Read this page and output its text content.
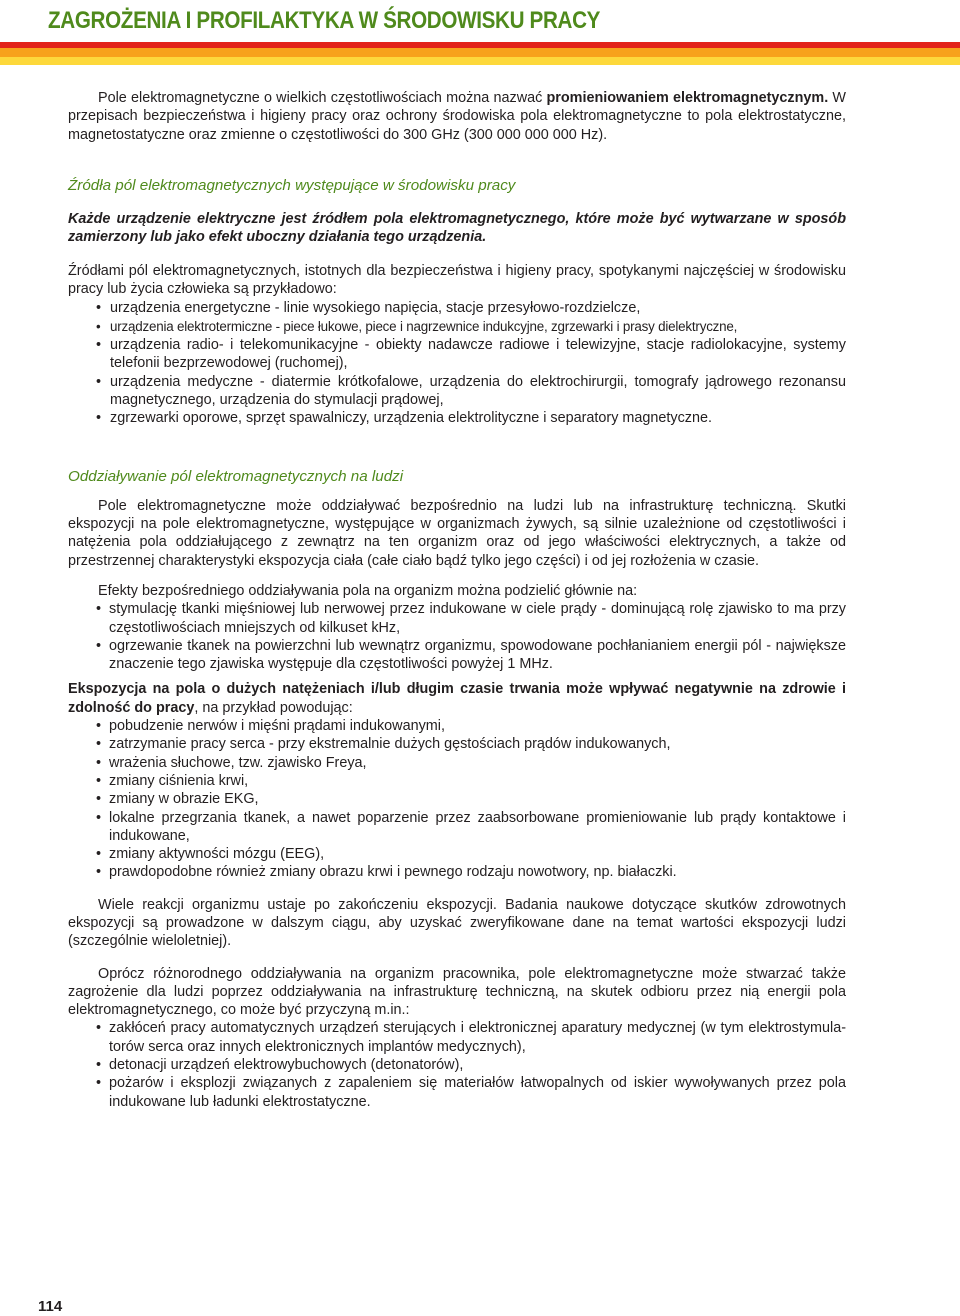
ZAGROŻENIA I PROFILAKTYKA W ŚRODOWISKU PRACY

Pole elektromagnetyczne o wielkich częstotliwościach można nazwać promieniowaniem elektromagnetycznym. W przepisach bezpieczeństwa i higieny pracy oraz ochrony środowiska pola elektromagnetyczne to pola elektrostatyczne, magnetostatyczne oraz zmienne o częstotliwości do 300 GHz (300 000 000 000 Hz).

Źródła pól elektromagnetycznych występujące w środowisku pracy

Każde urządzenie elektryczne jest źródłem pola elektromagnetycznego, które może być wytwarzane w sposób zamierzony lub jako efekt uboczny działania tego urządzenia.

Źródłami pól elektromagnetycznych, istotnych dla bezpieczeństwa i higieny pracy, spotykanymi najczęściej w środowisku pracy lub życia człowieka są przykładowo:

• urządzenia energetyczne - linie wysokiego napięcia, stacje przesyłowo-rozdzielcze,
• urządzenia elektrotermiczne - piece łukowe, piece i nagrzewnice indukcyjne, zgrzewarki i prasy dielektryczne,
• urządzenia radio- i telekomunikacyjne - obiekty nadawcze radiowe i telewizyjne, stacje radiolokacyjne, systemy telefonii bezprzewodowej (ruchomej),
• urządzenia medyczne - diatermie krótkofalowe, urządzenia do elektrochirurgii, tomografy jądrowego rezonansu magnetycznego, urządzenia do stymulacji prądowej,
• zgrzewarki oporowe, sprzęt spawalniczy, urządzenia elektrolityczne i separatory magnetyczne.

Oddziaływanie pól elektromagnetycznych na ludzi

Pole elektromagnetyczne może oddziaływać bezpośrednio na ludzi lub na infrastrukturę techniczną. Skutki ekspozycji na pole elektromagnetyczne, występujące w organizmach żywych, są silnie uzależnione od częstotliwości i natężenia pola oddziałującego z zewnątrz na ten organizm oraz od jego właściwości elektrycznych, a także od przestrzennej charakterystyki ekspozycja ciała (całe ciało bądź tylko jego części) i od jej rozłożenia w czasie.

Efekty bezpośredniego oddziaływania pola na organizm można podzielić głównie na:

• stymulację tkanki mięśniowej lub nerwowej przez indukowane w ciele prądy - dominującą rolę zjawisko to ma przy częstotliwościach mniejszych od kilkuset kHz,
• ogrzewanie tkanek na powierzchni lub wewnątrz organizmu, spowodowane pochłanianiem energii pól - największe znaczenie tego zjawiska występuje dla częstotliwości powyżej 1 MHz.

Ekspozycja na pola o dużych natężeniach i/lub długim czasie trwania może wpływać negatywnie na zdrowie i zdolność do pracy, na przykład powodując:

• pobudzenie nerwów i mięśni prądami indukowanymi,
• zatrzymanie pracy serca - przy ekstremalnie dużych gęstościach prądów indukowanych,
• wrażenia słuchowe, tzw. zjawisko Freya,
• zmiany ciśnienia krwi,
• zmiany w obrazie EKG,
• lokalne przegrzania tkanek, a nawet poparzenie przez zaabsorbowane promieniowanie lub prądy kontaktowe i indukowane,
• zmiany aktywności mózgu (EEG),
• prawdopodobne również zmiany obrazu krwi i pewnego rodzaju nowotwory, np. białaczki.

Wiele reakcji organizmu ustaje po zakończeniu ekspozycji. Badania naukowe dotyczące skutków zdrowotnych ekspozycji są prowadzone w dalszym ciągu, aby uzyskać zweryfikowane dane na temat wartości ekspozycji ludzi (szczególnie wieloletniej).

Oprócz różnorodnego oddziaływania na organizm pracownika, pole elektromagnetyczne może stwarzać także zagrożenie dla ludzi poprzez oddziaływania na infrastrukturę techniczną, na skutek odbioru przez nią energii pola elektromagnetycznego, co może być przyczyną m.in.:

• zakłóceń pracy automatycznych urządzeń sterujących i elektronicznej aparatury medycznej (w tym elektrostymula-torów serca oraz innych elektronicznych implantów medycznych),
• detonacji urządzeń elektrowybuchowych (detonatorów),
• pożarów i eksplozji związanych z zapaleniem się materiałów łatwopalnych od iskier wywoływanych przez pola indukowane lub ładunki elektrostatyczne.
114
